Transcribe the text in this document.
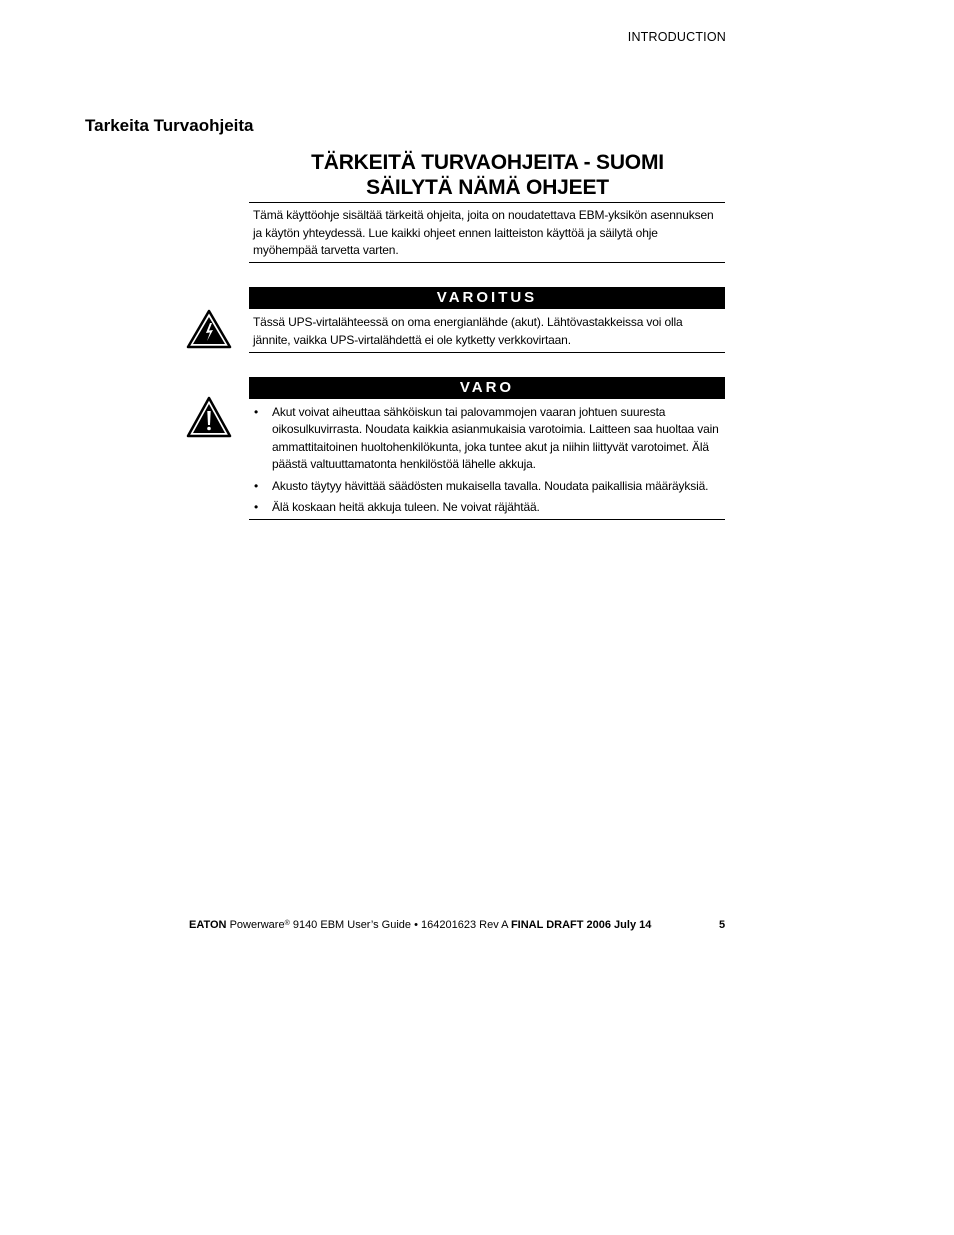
INTRODUCTION
Tarkeita Turvaohjeita
TÄRKEITÄ TURVAOHJEITA - SUOMI
SÄILYTÄ NÄMÄ OHJEET
Tämä käyttöohje sisältää tärkeitä ohjeita, joita on noudatettava EBM-yksikön asennuksen ja käytön yhteydessä. Lue kaikki ohjeet ennen laitteiston käyttöä ja säilytä ohje myöhempää tarvetta varten.
VAROITUS
Tässä UPS-virtalähteessä on oma energianlähde (akut). Lähtövastakkeissa voi olla jännite, vaikka UPS-virtalähdettä ei ole kytketty verkkovirtaan.
VARO
• Akut voivat aiheuttaa sähköiskun tai palovammojen vaaran johtuen suuresta oikosulkuvirrasta. Noudata kaikkia asianmukaisia varotoimia. Laitteen saa huoltaa vain ammattitaitoinen huoltohenkilökunta, joka tuntee akut ja niihin liittyvät varotoimet. Älä päästä valtuuttamatonta henkilöstöä lähelle akkuja.
• Akusto täytyy hävittää säädösten mukaisella tavalla. Noudata paikallisia määräyksiä.
• Älä koskaan heitä akkuja tuleen. Ne voivat räjähtää.
EATON Powerware® 9140 EBM User’s Guide • 164201623 Rev A FINAL DRAFT 2006 July 14	5
